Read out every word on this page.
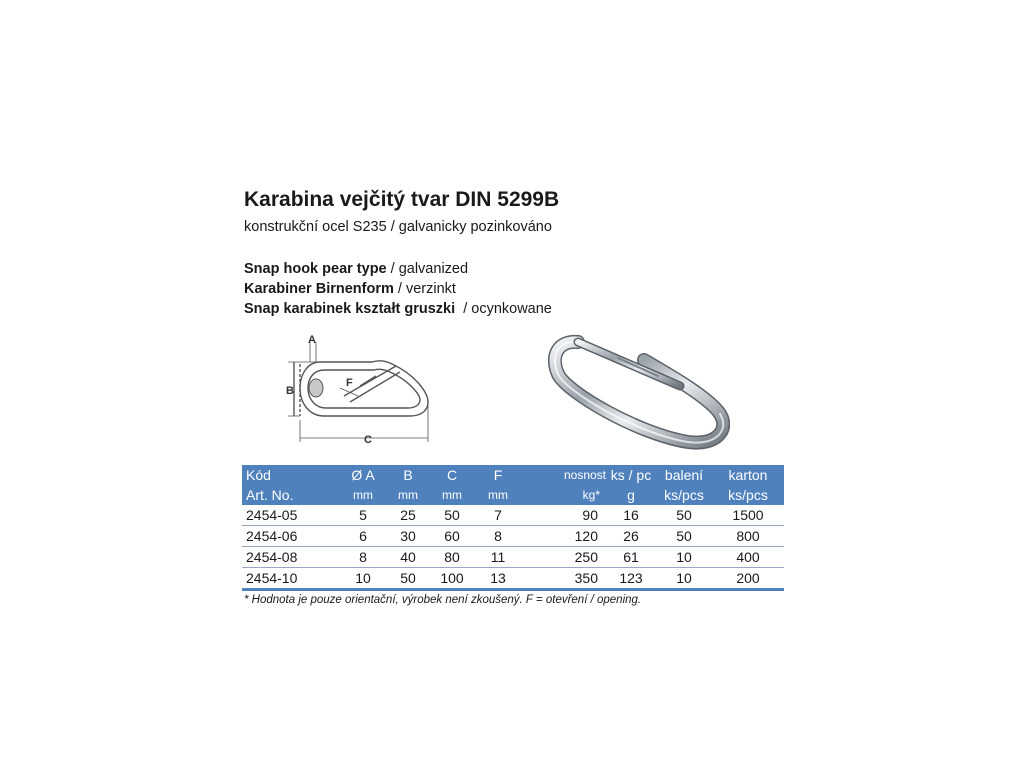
Karabina vejčitý tvar DIN 5299B
konstrukční ocel S235 / galvanicky pozinkováno
Snap hook pear type / galvanized
Karabiner Birnenform / verzinkt
Snap karabinek kształt gruszki  / ocynkowane
A
B
F
C
Kód	Ø A	B	C	F	nosnost	ks / pc	balení	karton
Art. No.	mm	mm	mm	mm	kg*	g	ks/pcs	ks/pcs
2454-05	5	25	50	7	90	16	50	1500
2454-06	6	30	60	8	120	26	50	800
2454-08	8	40	80	11	250	61	10	400
2454-10	10	50	100	13	350	123	10	200
* Hodnota je pouze orientační, výrobek není zkoušený. F = otevření / opening.
